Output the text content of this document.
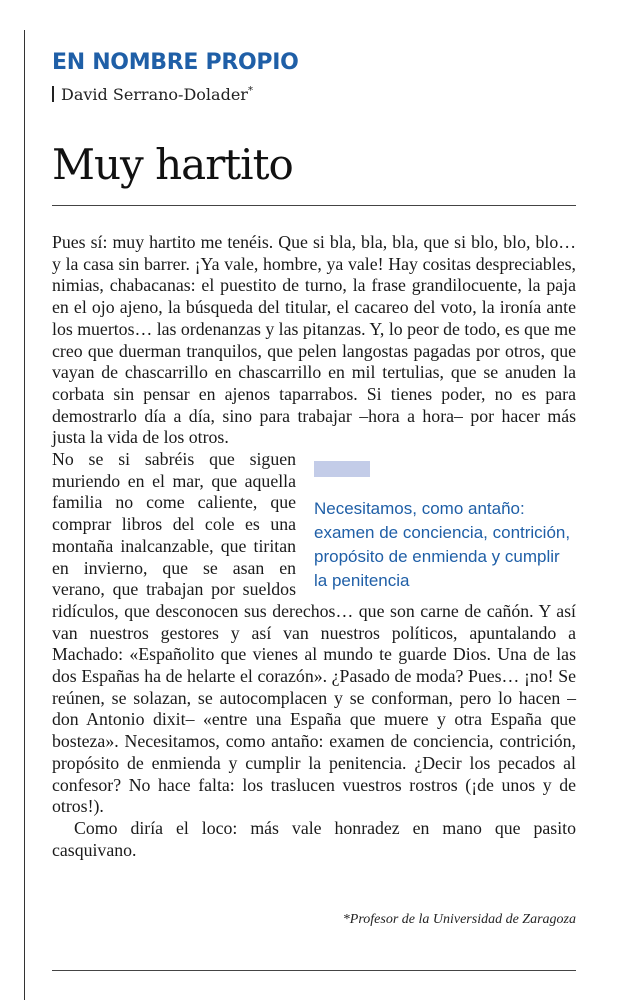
EN NOMBRE PROPIO
David Serrano-Dolader*
Muy hartito

Pues sí: muy hartito me tenéis. Que si bla, bla, bla, que si blo, blo, blo… y la casa sin barrer. ¡Ya vale, hombre, ya vale! Hay cositas despreciables, nimias, chabacanas: el puestito de turno, la frase grandilocuente, la paja en el ojo ajeno, la búsqueda del titular, el cacareo del voto, la ironía ante los muertos… las ordenanzas y las pitanzas. Y, lo peor de todo, es que me creo que duerman tranquilos, que pelen langostas pagadas por otros, que vayan de chascarrillo en chascarrillo en mil tertulias, que se anuden la corbata sin pensar en ajenos taparrabos. Si tienes poder, no es para demostrarlo día a día, sino para trabajar –hora a hora– por hacer más justa la vida de los otros.

Necesitamos, como antaño: examen de conciencia, contrición, propósito de enmienda y cumplir la penitencia

No se si sabréis que siguen muriendo en el mar, que aquella familia no come caliente, que comprar libros del cole es una montaña inalcanzable, que tiritan en invierno, que se asan en verano, que trabajan por sueldos ridículos, que desconocen sus derechos… que son carne de cañón. Y así van nuestros gestores y así van nuestros políticos, apuntalando a Machado: «Españolito que vienes al mundo te guarde Dios. Una de las dos Españas ha de helarte el corazón». ¿Pasado de moda? Pues… ¡no! Se reúnen, se solazan, se autocomplacen y se conforman, pero lo hacen –don Antonio dixit– «entre una España que muere y otra España que bosteza». Necesitamos, como antaño: examen de conciencia, contrición, propósito de enmienda y cumplir la penitencia. ¿Decir los pecados al confesor? No hace falta: los traslucen vuestros rostros (¡de unos y de otros!).

Como diría el loco: más vale honradez en mano que pasito casquivano.

*Profesor de la Universidad de Zaragoza
